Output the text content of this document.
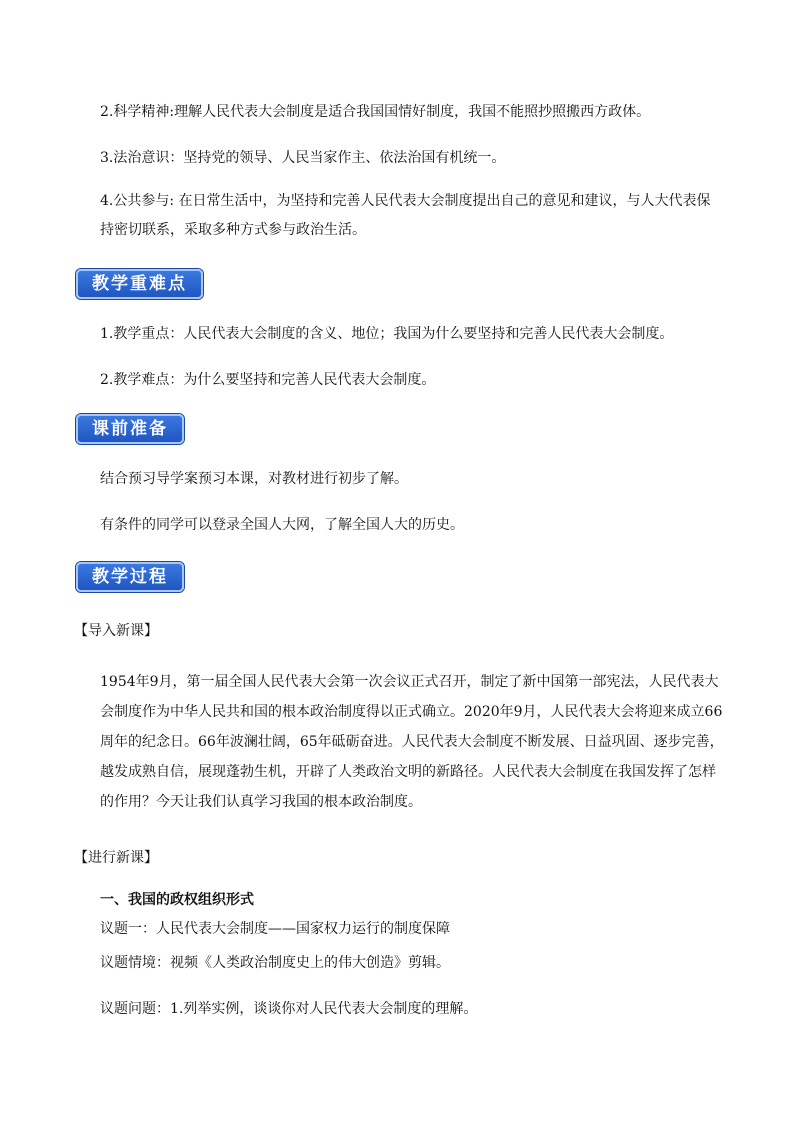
2.科学精神:理解人民代表大会制度是适合我国国情好制度，我国不能照抄照搬西方政体。

3.法治意识：坚持党的领导、人民当家作主、依法治国有机统一。

4.公共参与: 在日常生活中，为坚持和完善人民代表大会制度提出自己的意见和建议，与人大代表保持密切联系，采取多种方式参与政治生活。

教学重难点

1.教学重点：人民代表大会制度的含义、地位；我国为什么要坚持和完善人民代表大会制度。

2.教学难点：为什么要坚持和完善人民代表大会制度。

课前准备

结合预习导学案预习本课，对教材进行初步了解。

有条件的同学可以登录全国人大网，了解全国人大的历史。

教学过程

【导入新课】

1954年9月，第一届全国人民代表大会第一次会议正式召开，制定了新中国第一部宪法，人民代表大会制度作为中华人民共和国的根本政治制度得以正式确立。2020年9月，人民代表大会将迎来成立66周年的纪念日。66年波澜壮阔，65年砥砺奋进。人民代表大会制度不断发展、日益巩固、逐步完善，越发成熟自信，展现蓬勃生机，开辟了人类政治文明的新路径。人民代表大会制度在我国发挥了怎样的作用？今天让我们认真学习我国的根本政治制度。

【进行新课】

一、我国的政权组织形式

议题一：人民代表大会制度——国家权力运行的制度保障

议题情境：视频《人类政治制度史上的伟大创造》剪辑。

议题问题：1.列举实例，谈谈你对人民代表大会制度的理解。
